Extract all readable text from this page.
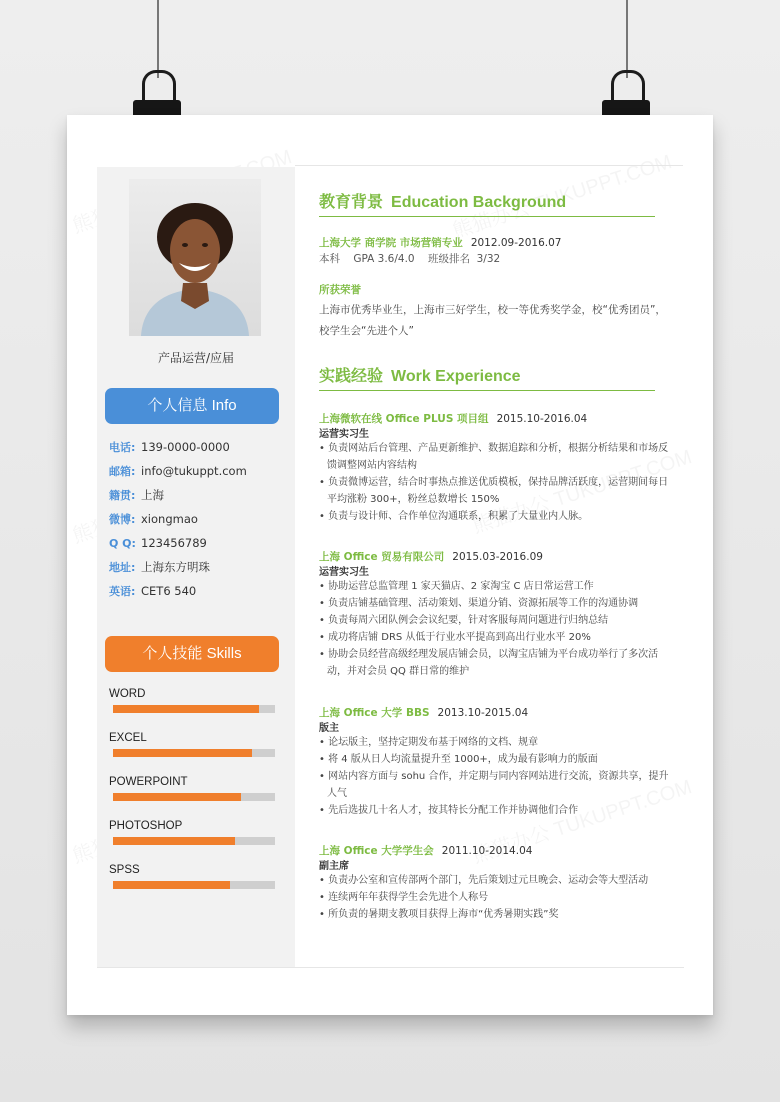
产品运营/应届
个人信息 Info
电话: 139-0000-0000
邮箱: info@tukuppt.com
籍贯: 上海
微博: xiongmao
Q Q: 123456789
地址: 上海东方明珠
英语: CET6 540
个人技能 Skills
WORD
EXCEL
POWERPOINT
PHOTOSHOP
SPSS
教育背景 Education Background
上海大学 商学院 市场营销专业 2012.09-2016.07
本科    GPA 3.6/4.0    班级排名  3/32
所获荣誉
上海市优秀毕业生，上海市三好学生，校一等优秀奖学金，校“优秀团员”，校学生会“先进个人”
实践经验 Work Experience
上海微软在线 Office PLUS 项目组 2015.10-2016.04
运营实习生
• 负责网站后台管理、产品更新维护、数据追踪和分析，根据分析结果和市场反馈调整网站内容结构
• 负责微博运营，结合时事热点推送优质模板，保持品牌活跃度，运营期间每日平均涨粉 300+，粉丝总数增长 150%
• 负责与设计师、合作单位沟通联系，积累了大量业内人脉。
上海 Office 贸易有限公司 2015.03-2016.09
运营实习生
• 协助运营总监管理 1 家天猫店、2 家淘宝 C 店日常运营工作
• 负责店铺基础管理、活动策划、渠道分销、资源拓展等工作的沟通协调
• 负责每周六团队例会会议纪要，针对客服每周问题进行归纳总结
• 成功将店铺 DRS 从低于行业水平提高到高出行业水平 20%
• 协助会员经营高级经理发展店铺会员，以淘宝店铺为平台成功举行了多次活动，并对会员 QQ 群日常的维护
上海 Office 大学 BBS 2013.10-2015.04
版主
• 论坛版主，坚持定期发布基于网络的文档、规章
• 将 4 版从日人均流量提升至 1000+，成为最有影响力的版面
• 网站内容方面与 sohu 合作，并定期与同内容网站进行交流，资源共享，提升人气
• 先后选拔几十名人才，按其特长分配工作并协调他们合作
上海 Office 大学学生会 2011.10-2014.04
副主席
• 负责办公室和宣传部两个部门，先后策划过元旦晚会、运动会等大型活动
• 连续两年年获得学生会先进个人称号
• 所负责的暑期支教项目获得上海市“优秀暑期实践”奖
